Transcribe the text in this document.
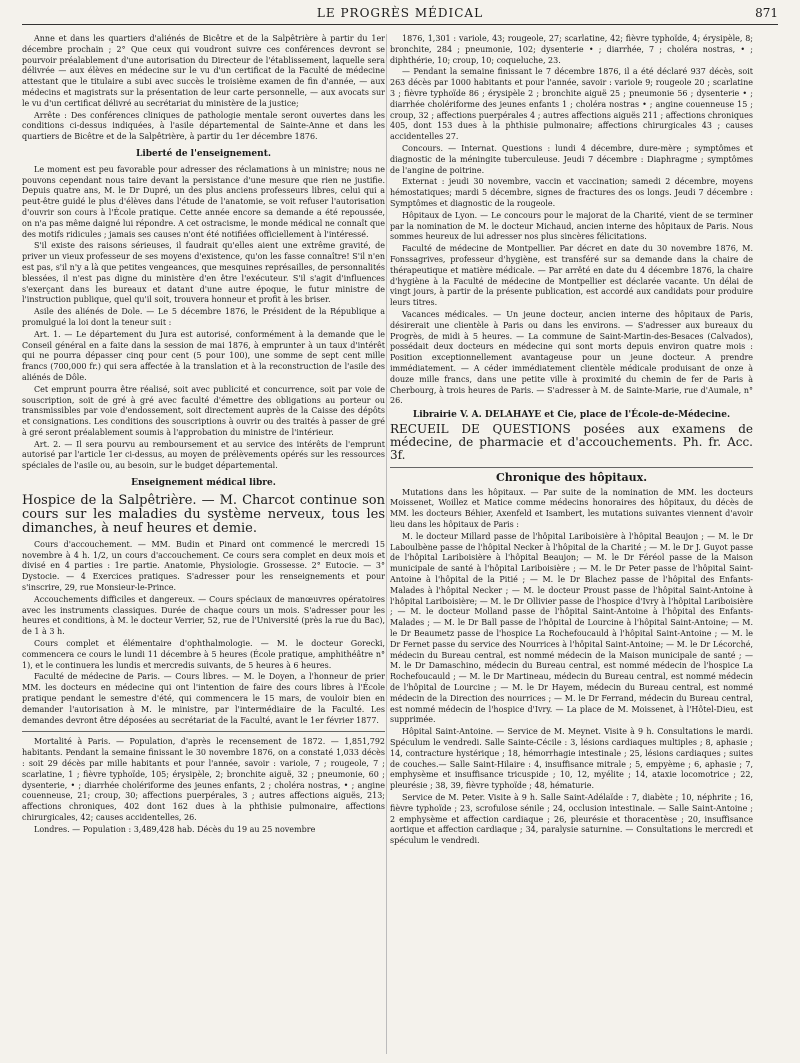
LE PROGRÈS MÉDICAL	871

Anne et dans les quartiers d'aliénés de Bicêtre et de la Salpêtrière à partir du 1er décembre prochain ; 2° Que ceux qui voudront suivre ces conférences devront se pourvoir préalablement d'une autorisation du Directeur de l'établissement, laquelle sera délivrée — aux élèves en médecine sur le vu d'un certificat de la Faculté de médecine attestant que le titulaire a subi avec succès le troisième examen de fin d'année, — aux médecins et magistrats sur la présentation de leur carte personnelle, — aux avocats sur le vu d'un certificat délivré au secrétariat du ministère de la justice;

Arrête : Des conférences cliniques de pathologie mentale seront ouvertes dans les conditions ci-dessus indiquées, à l'asile départemental de Sainte-Anne et dans les quartiers de Bicêtre et de la Salpêtrière, à partir du 1er décembre 1876.

Liberté de l'enseignement.

Le moment est peu favorable pour adresser des réclamations à un ministre; nous ne pouvons cependant nous taire devant la persistance d'une mesure que rien ne justifie. Depuis quatre ans, M. le Dr Dupré, un des plus anciens professeurs libres, celui qui a peut-être guidé le plus d'élèves dans l'étude de l'anatomie, se voit refuser l'autorisation d'ouvrir son cours à l'École pratique. Cette année encore sa demande a été repoussée, on n'a pas même daigné lui répondre. A cet ostracisme, le monde médical ne connaît que des motifs ridicules ; jamais ses causes n'ont été notifiées officiellement à l'intéressé.

S'il existe des raisons sérieuses, il faudrait qu'elles aient une extrême gravité, de priver un vieux professeur de ses moyens d'existence, qu'on les fasse connaître! S'il n'en est pas, s'il n'y a là que petites vengeances, que mesquines représailles, de personnalités blessées, il n'est pas digne du ministère d'en être l'exécuteur. S'il s'agit d'influences s'exerçant dans les bureaux et datant d'une autre époque, le futur ministre de l'instruction publique, quel qu'il soit, trouvera honneur et profit à les briser.

Asile des aliénés de Dole. — Le 5 décembre 1876, le Président de la République a promulgué la loi dont la teneur suit :

Art. 1. — Le département du Jura est autorisé, conformément à la demande que le Conseil général en a faite dans la session de mai 1876, à emprunter à un taux d'intérêt qui ne pourra dépasser cinq pour cent (5 pour 100), une somme de sept cent mille francs (700,000 fr.) qui sera affectée à la translation et à la reconstruction de l'asile des aliénés de Dôle.

Cet emprunt pourra être réalisé, soit avec publicité et concurrence, soit par voie de souscription, soit de gré à gré avec faculté d'émettre des obligations au porteur ou transmissibles par voie d'endossement, soit directement auprès de la Caisse des dépôts et consignations. Les conditions des souscriptions à ouvrir ou des traités à passer de gré à gré seront préalablement soumis à l'approbation du ministre de l'intérieur.

Art. 2. — Il sera pourvu au remboursement et au service des intérêts de l'emprunt autorisé par l'article 1er ci-dessus, au moyen de prélèvements opérés sur les ressources spéciales de l'asile ou, au besoin, sur le budget départemental.

Enseignement médical libre.

Hospice de la Salpêtrière. — M. Charcot continue son cours sur les maladies du système nerveux, tous les dimanches, à neuf heures et demie.

Cours d'accouchement. — MM. Budin et Pinard ont commencé le mercredi 15 novembre à 4 h. 1/2, un cours d'accouchement. Ce cours sera complet en deux mois et divisé en 4 parties : 1re partie. Anatomie, Physiologie. Grossesse. 2° Eutocie. — 3° Dystocie. — 4 Exercices pratiques. S'adresser pour les renseignements et pour s'inscrire, 29, rue Monsieur-le-Prince.

Accouchements difficiles et dangereux. — Cours spéciaux de manœuvres opératoires avec les instruments classiques. Durée de chaque cours un mois. S'adresser pour les heures et conditions, à M. le docteur Verrier, 52, rue de l'Université (près la rue du Bac), de 1 à 3 h.

Cours complet et élémentaire d'ophthalmologie. — M. le docteur Gorecki, commencera ce cours le lundi 11 décembre à 5 heures (École pratique, amphithéâtre n° 1), et le continuera les lundis et mercredis suivants, de 5 heures à 6 heures.

Faculté de médecine de Paris. — Cours libres. — M. le Doyen, a l'honneur de prier MM. les docteurs en médecine qui ont l'intention de faire des cours libres à l'École pratique pendant le semestre d'été, qui commencera le 15 mars, de vouloir bien en demander l'autorisation à M. le ministre, par l'intermédiaire de la Faculté. Les demandes devront être déposées au secrétariat de la Faculté, avant le 1er février 1877.

Mortalité à Paris. — Population, d'après le recensement de 1872. — 1,851,792 habitants. Pendant la semaine finissant le 30 novembre 1876, on a constaté 1,033 décès : soit 29 décès par mille habitants et pour l'année, savoir : variole, 7 ; rougeole, 7 ; scarlatine, 1 ; fièvre typhoïde, 105; érysipèle, 2; bronchite aiguë, 32 ; pneumonie, 60 ; dysenterie, • ; diarrhée cholériforme des jeunes enfants, 2 ; choléra nostras, • ; angine couenneuse, 21; croup, 30; affections puerpérales, 3 ; autres affections aiguës, 213; affections chroniques, 402 dont 162 dues à la phthisie pulmonaire, affections chirurgicales, 42; causes accidentelles, 26.

Londres. — Population : 3,489,428 hab. Décès du 19 au 25 novembre

1876, 1,301 : variole, 43; rougeole, 27; scarlatine, 42; fièvre typhoïde, 4; érysipèle, 8; bronchite, 284 ; pneumonie, 102; dysenterie • ; diarrhée, 7 ; choléra nostras, • ; diphthérie, 10; croup, 10; coqueluche, 23.

— Pendant la semaine finissant le 7 décembre 1876, il a été déclaré 937 décès, soit 263 décès par 1000 habitants et pour l'année, savoir : variole 9; rougeole 20 ; scarlatine 3 ; fièvre typhoïde 86 ; érysipèle 2 ; bronchite aiguë 25 ; pneumonie 56 ; dysenterie • ; diarrhée cholériforme des jeunes enfants 1 ; choléra nostras • ; angine couenneuse 15 ; croup, 32 ; affections puerpérales 4 ; autres affections aiguës 211 ; affections chroniques 405, dont 153 dues à la phthisie pulmonaire; affections chirurgicales 43 ; causes accidentelles 27.

Concours. — Internat. Questions : lundi 4 décembre, dure-mère ; symptômes et diagnostic de la méningite tuberculeuse. Jeudi 7 décembre : Diaphragme ; symptômes de l'angine de poitrine.

Externat : jeudi 30 novembre, vaccin et vaccination; samedi 2 décembre, moyens hémostatiques; mardi 5 décembre, signes de fractures des os longs. Jeudi 7 décembre : Symptômes et diagnostic de la rougeole.

Hôpitaux de Lyon. — Le concours pour le majorat de la Charité, vient de se terminer par la nomination de M. le docteur Michaud, ancien interne des hôpitaux de Paris. Nous sommes heureux de lui adresser nos plus sincères félicitations.

Faculté de médecine de Montpellier. Par décret en date du 30 novembre 1876, M. Fonssagrives, professeur d'hygiène, est transféré sur sa demande dans la chaire de thérapeutique et matière médicale. — Par arrêté en date du 4 décembre 1876, la chaire d'hygiène à la Faculté de médecine de Montpellier est déclarée vacante. Un délai de vingt jours, à partir de la présente publication, est accordé aux candidats pour produire leurs titres.

Vacances médicales. — Un jeune docteur, ancien interne des hôpitaux de Paris, désirerait une clientèle à Paris ou dans les environs. — S'adresser aux bureaux du Progrès, de midi à 5 heures. — La commune de Saint-Martin-des-Besaces (Calvados), possédait deux docteurs en médecine qui sont morts depuis environ quatre mois : Position exceptionnellement avantageuse pour un jeune docteur. A prendre immédiatement. — A céder immédiatement clientèle médicale produisant de onze à douze mille francs, dans une petite ville à proximité du chemin de fer de Paris à Cherbourg, à trois heures de Paris. — S'adresser à M. de Sainte-Marie, rue d'Aumale, n° 26.

Librairie V. A. DELAHAYE et Cie, place de l'École-de-Médecine.

RECUEIL DE QUESTIONS posées aux examens de médecine, de pharmacie et d'accouchements. Ph. fr. Acc. 3f.

Chronique des hôpitaux.

Mutations dans les hôpitaux. — Par suite de la nomination de MM. les docteurs Moissenet, Woillez et Matice comme médecins honoraires des hôpitaux, du décès de MM. les docteurs Béhier, Axenfeld et Isambert, les mutations suivantes viennent d'avoir lieu dans les hôpitaux de Paris :

M. le docteur Millard passe de l'hôpital Lariboisière à l'hôpital Beaujon ; — M. le Dr Laboulbène passe de l'hôpital Necker à l'hôpital de la Charité ; — M. le Dr J. Guyot passe de l'hôpital Lariboisière à l'hôpital Beaujon; — M. le Dr Féréol passe de la Maison municipale de santé à l'hôpital Lariboisière ; — M. le Dr Peter passe de l'hôpital Saint-Antoine à l'hôpital de la Pitié ; — M. le Dr Blachez passe de l'hôpital des Enfants-Malades à l'hôpital Necker ; — M. le docteur Proust passe de l'hôpital Saint-Antoine à l'hôpital Lariboisière; — M. le Dr Ollivier passe de l'hospice d'Ivry à l'hôpital Lariboisière ; — M. le docteur Molland passe de l'hôpital Saint-Antoine à l'hôpital des Enfants-Malades ; — M. le Dr Ball passe de l'hôpital de Lourcine à l'hôpital Saint-Antoine; — M. le Dr Beaumetz passe de l'hospice La Rochefoucauld à l'hôpital Saint-Antoine ; — M. le Dr Fernet passe du service des Nourrices à l'hôpital Saint-Antoine; — M. le Dr Lécorché, médecin du Bureau central, est nommé médecin de la Maison municipale de santé ; — M. le Dr Damaschino, médecin du Bureau central, est nommé médecin de l'hospice La Rochefoucauld ; — M. le Dr Martineau, médecin du Bureau central, est nommé médecin de l'hôpital de Lourcine ; — M. le Dr Hayem, médecin du Bureau central, est nommé médecin de la Direction des nourrices ; — M. le Dr Ferrand, médecin du Bureau central, est nommé médecin de l'hospice d'Ivry. — La place de M. Moissenet, à l'Hôtel-Dieu, est supprimée.

Hôpital Saint-Antoine. — Service de M. Meynet. Visite à 9 h. Consultations le mardi. Spéculum le vendredi. Salle Sainte-Cécile : 3, lésions cardiaques multiples ; 8, aphasie ; 14, contracture hystérique ; 18, hémorrhagie intestinale ; 25, lésions cardiaques ; suites de couches.— Salle Saint-Hilaire : 4, insuffisance mitrale ; 5, empyème ; 6, aphasie ; 7, emphysème et insuffisance tricuspide ; 10, 12, myélite ; 14, ataxie locomotrice ; 22, pleurésie ; 38, 39, fièvre typhoïde ; 48, hématurie.

Service de M. Peter. Visite à 9 h. Salle Saint-Adélaïde : 7, diabète ; 10, néphrite ; 16, fièvre typhoïde ; 23, scrofulose sénile ; 24, occlusion intestinale. — Salle Saint-Antoine ; 2 emphysème et affection cardiaque ; 26, pleurésie et thoracentèse ; 20, insuffisance aortique et affection cardiaque ; 34, paralysie saturnine. — Consultations le mercredi et spéculum le vendredi.
